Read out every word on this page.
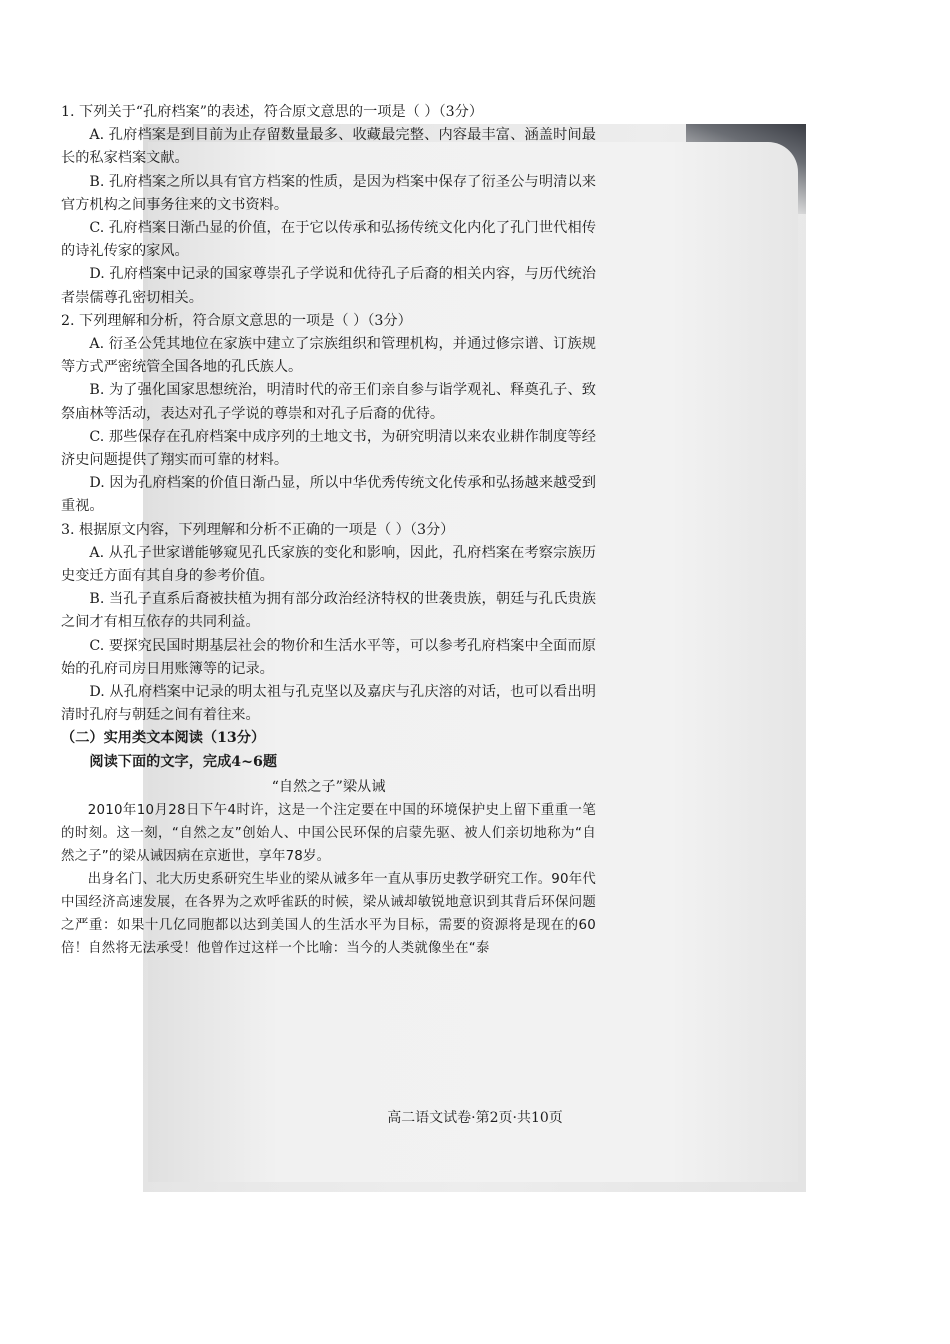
1. 下列关于“孔府档案”的表述，符合原文意思的一项是（ ）（3分）

A. 孔府档案是到目前为止存留数量最多、收藏最完整、内容最丰富、涵盖时间最长的私家档案文献。

B. 孔府档案之所以具有官方档案的性质，是因为档案中保存了衍圣公与明清以来官方机构之间事务往来的文书资料。

C. 孔府档案日渐凸显的价值，在于它以传承和弘扬传统文化内化了孔门世代相传的诗礼传家的家风。

D. 孔府档案中记录的国家尊崇孔子学说和优待孔子后裔的相关内容，与历代统治者崇儒尊孔密切相关。

2. 下列理解和分析，符合原文意思的一项是（ ）（3分）

A. 衍圣公凭其地位在家族中建立了宗族组织和管理机构，并通过修宗谱、订族规等方式严密统管全国各地的孔氏族人。

B. 为了强化国家思想统治，明清时代的帝王们亲自参与诣学观礼、释奠孔子、致祭庙林等活动，表达对孔子学说的尊崇和对孔子后裔的优待。

C. 那些保存在孔府档案中成序列的土地文书，为研究明清以来农业耕作制度等经济史问题提供了翔实而可靠的材料。

D. 因为孔府档案的价值日渐凸显，所以中华优秀传统文化传承和弘扬越来越受到重视。

3. 根据原文内容，下列理解和分析不正确的一项是（ ）（3分）

A. 从孔子世家谱能够窥见孔氏家族的变化和影响，因此，孔府档案在考察宗族历史变迁方面有其自身的参考价值。

B. 当孔子直系后裔被扶植为拥有部分政治经济特权的世袭贵族，朝廷与孔氏贵族之间才有相互依存的共同利益。

C. 要探究民国时期基层社会的物价和生活水平等，可以参考孔府档案中全面而原始的孔府司房日用账簿等的记录。

D. 从孔府档案中记录的明太祖与孔克坚以及嘉庆与孔庆溶的对话，也可以看出明清时孔府与朝廷之间有着往来。

（二）实用类文本阅读（13分）

阅读下面的文字，完成4~6题

“自然之子”梁从诫

2010年10月28日下午4时许，这是一个注定要在中国的环境保护史上留下重重一笔的时刻。这一刻，“自然之友”创始人、中国公民环保的启蒙先驱、被人们亲切地称为“自然之子”的梁从诫因病在京逝世，享年78岁。

出身名门、北大历史系研究生毕业的梁从诫多年一直从事历史教学研究工作。90年代中国经济高速发展，在各界为之欢呼雀跃的时候，梁从诫却敏锐地意识到其背后环保问题之严重：如果十几亿同胞都以达到美国人的生活水平为目标，需要的资源将是现在的60倍！自然将无法承受！他曾作过这样一个比喻：当今的人类就像坐在“泰

高二语文试卷·第2页·共10页
